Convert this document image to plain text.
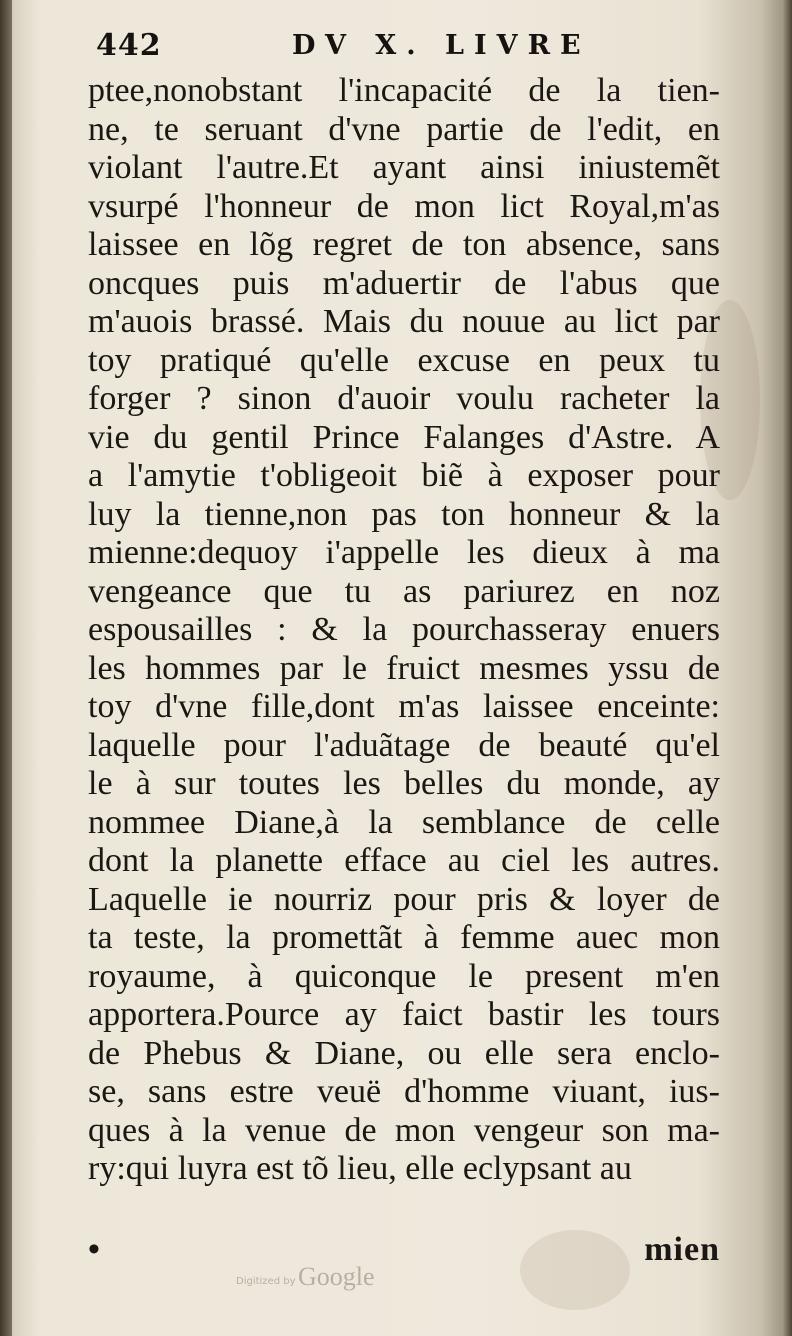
442	DV X. LIVRE
ptee,nonobstant l'incapacité de la tien-
ne, te seruant d'vne partie de l'edit, en
violant l'autre.Et ayant ainsi iniustemẽt
vsurpé l'honneur de mon lict Royal,m'as
laissee en lõg regret de ton absence, sans
oncques puis m'aduertir de l'abus que
m'auois brassé. Mais du nouue au lict par
toy pratiqué qu'elle excuse en peux tu
forger ? sinon d'auoir voulu racheter la
vie du gentil Prince Falanges d'Astre. A
a l'amytie t'obligeoit biẽ à exposer pour
luy la tienne,non pas ton honneur & la
mienne:dequoy i'appelle les dieux à ma
vengeance que tu as pariurez en noz
espousailles : & la pourchasseray enuers
les hommes par le fruict mesmes yssu de
toy d'vne fille,dont m'as laissee enceinte:
laquelle pour l'aduãtage de beauté qu'el
le à sur toutes les belles du monde, ay
nommee Diane,à la semblance de celle
dont la planette efface au ciel les autres.
Laquelle ie nourriz pour pris & loyer de
ta teste, la promettãt à femme auec mon
royaume, à quiconque le present m'en
apportera.Pource ay faict bastir les tours
de Phebus & Diane, ou elle sera enclo-
se, sans estre veuë d'homme viuant, ius-
ques à la venue de mon vengeur son ma-
ry:qui luyra est tõ lieu, elle eclypsant au
•	mien
Digitized by Google
